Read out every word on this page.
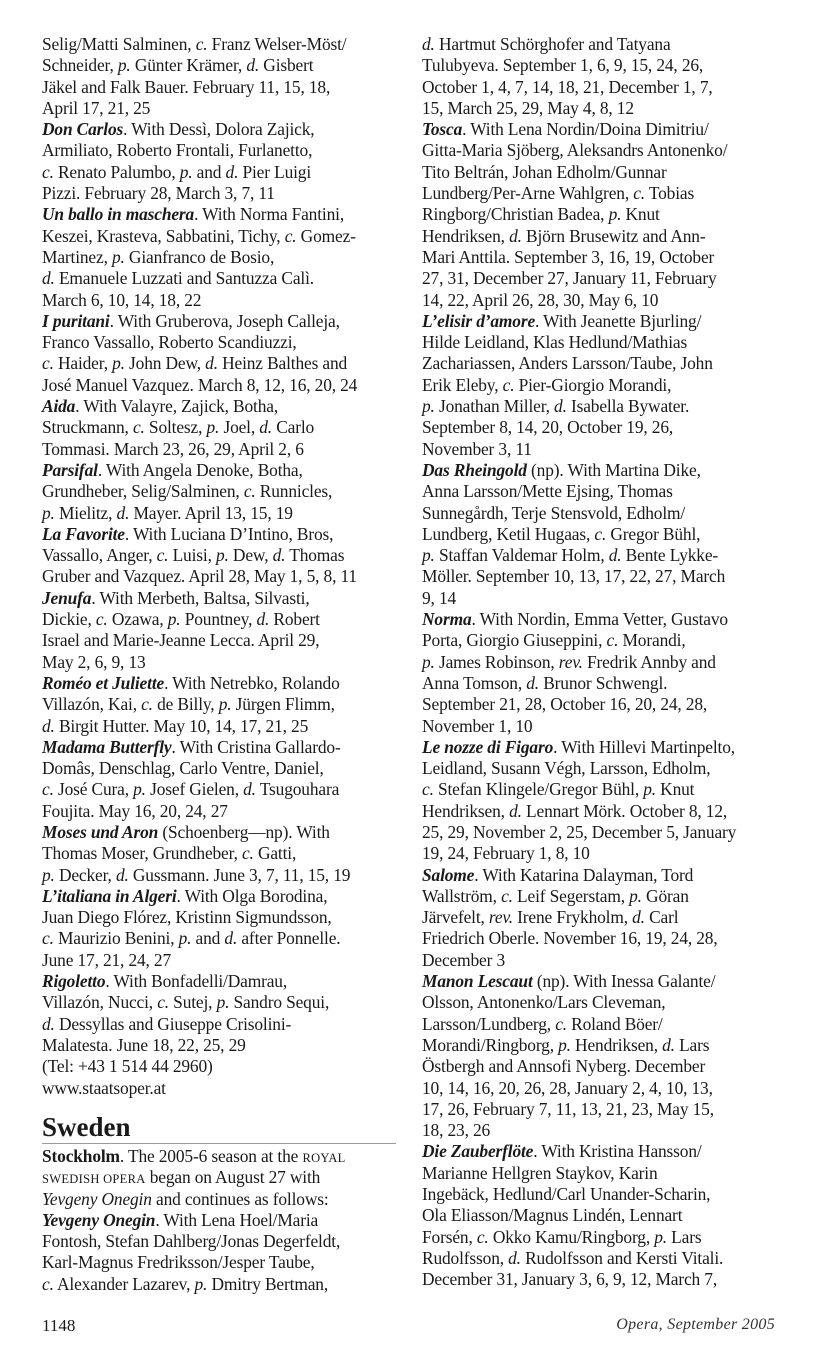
Selig/Matti Salminen, c. Franz Welser-Möst/
Schneider, p. Günter Krämer, d. Gisbert
Jäkel and Falk Bauer. February 11, 15, 18,
April 17, 21, 25
Don Carlos. With Dessì, Dolora Zajick,
Armiliato, Roberto Frontali, Furlanetto,
c. Renato Palumbo, p. and d. Pier Luigi
Pizzi. February 28, March 3, 7, 11
Un ballo in maschera. With Norma Fantini,
Keszei, Krasteva, Sabbatini, Tichy, c. Gomez-
Martinez, p. Gianfranco de Bosio,
d. Emanuele Luzzati and Santuzza Calì.
March 6, 10, 14, 18, 22
I puritani. With Gruberova, Joseph Calleja,
Franco Vassallo, Roberto Scandiuzzi,
c. Haider, p. John Dew, d. Heinz Balthes and
José Manuel Vazquez. March 8, 12, 16, 20, 24
Aida. With Valayre, Zajick, Botha,
Struckmann, c. Soltesz, p. Joel, d. Carlo
Tommasi. March 23, 26, 29, April 2, 6
Parsifal. With Angela Denoke, Botha,
Grundheber, Selig/Salminen, c. Runnicles,
p. Mielitz, d. Mayer. April 13, 15, 19
La Favorite. With Luciana D’Intino, Bros,
Vassallo, Anger, c. Luisi, p. Dew, d. Thomas
Gruber and Vazquez. April 28, May 1, 5, 8, 11
Jenufa. With Merbeth, Baltsa, Silvasti,
Dickie, c. Ozawa, p. Pountney, d. Robert
Israel and Marie-Jeanne Lecca. April 29,
May 2, 6, 9, 13
Roméo et Juliette. With Netrebko, Rolando
Villazón, Kai, c. de Billy, p. Jürgen Flimm,
d. Birgit Hutter. May 10, 14, 17, 21, 25
Madama Butterfly. With Cristina Gallardo-
Domâs, Denschlag, Carlo Ventre, Daniel,
c. José Cura, p. Josef Gielen, d. Tsugouhara
Foujita. May 16, 20, 24, 27
Moses und Aron (Schoenberg—np). With
Thomas Moser, Grundheber, c. Gatti,
p. Decker, d. Gussmann. June 3, 7, 11, 15, 19
L’italiana in Algeri. With Olga Borodina,
Juan Diego Flórez, Kristinn Sigmundsson,
c. Maurizio Benini, p. and d. after Ponnelle.
June 17, 21, 24, 27
Rigoletto. With Bonfadelli/Damrau,
Villazón, Nucci, c. Sutej, p. Sandro Sequi,
d. Dessyllas and Giuseppe Crisolini-
Malatesta. June 18, 22, 25, 29
(Tel: +43 1 514 44 2960)
www.staatsoper.at
Sweden
Stockholm. The 2005-6 season at the ROYAL
SWEDISH OPERA began on August 27 with
Yevgeny Onegin and continues as follows:
Yevgeny Onegin. With Lena Hoel/Maria
Fontosh, Stefan Dahlberg/Jonas Degerfeldt,
Karl-Magnus Fredriksson/Jesper Taube,
c. Alexander Lazarev, p. Dmitry Bertman,
d. Hartmut Schörghofer and Tatyana
Tulubyeva. September 1, 6, 9, 15, 24, 26,
October 1, 4, 7, 14, 18, 21, December 1, 7,
15, March 25, 29, May 4, 8, 12
Tosca. With Lena Nordin/Doina Dimitriu/
Gitta-Maria Sjöberg, Aleksandrs Antonenko/
Tito Beltrán, Johan Edholm/Gunnar
Lundberg/Per-Arne Wahlgren, c. Tobias
Ringborg/Christian Badea, p. Knut
Hendriksen, d. Björn Brusewitz and Ann-
Mari Anttila. September 3, 16, 19, October
27, 31, December 27, January 11, February
14, 22, April 26, 28, 30, May 6, 10
L’elisir d’amore. With Jeanette Bjurling/
Hilde Leidland, Klas Hedlund/Mathias
Zachariassen, Anders Larsson/Taube, John
Erik Eleby, c. Pier-Giorgio Morandi,
p. Jonathan Miller, d. Isabella Bywater.
September 8, 14, 20, October 19, 26,
November 3, 11
Das Rheingold (np). With Martina Dike,
Anna Larsson/Mette Ejsing, Thomas
Sunnegårdh, Terje Stensvold, Edholm/
Lundberg, Ketil Hugaas, c. Gregor Bühl,
p. Staffan Valdemar Holm, d. Bente Lykke-
Möller. September 10, 13, 17, 22, 27, March
9, 14
Norma. With Nordin, Emma Vetter, Gustavo
Porta, Giorgio Giuseppini, c. Morandi,
p. James Robinson, rev. Fredrik Annby and
Anna Tomson, d. Brunor Schwengl.
September 21, 28, October 16, 20, 24, 28,
November 1, 10
Le nozze di Figaro. With Hillevi Martinpelto,
Leidland, Susann Végh, Larsson, Edholm,
c. Stefan Klingele/Gregor Bühl, p. Knut
Hendriksen, d. Lennart Mörk. October 8, 12,
25, 29, November 2, 25, December 5, January
19, 24, February 1, 8, 10
Salome. With Katarina Dalayman, Tord
Wallström, c. Leif Segerstam, p. Göran
Järvefelt, rev. Irene Frykholm, d. Carl
Friedrich Oberle. November 16, 19, 24, 28,
December 3
Manon Lescaut (np). With Inessa Galante/
Olsson, Antonenko/Lars Cleveman,
Larsson/Lundberg, c. Roland Böer/
Morandi/Ringborg, p. Hendriksen, d. Lars
Östbergh and Annsofi Nyberg. December
10, 14, 16, 20, 26, 28, January 2, 4, 10, 13,
17, 26, February 7, 11, 13, 21, 23, May 15,
18, 23, 26
Die Zauberflöte. With Kristina Hansson/
Marianne Hellgren Staykov, Karin
Ingebäck, Hedlund/Carl Unander-Scharin,
Ola Eliasson/Magnus Lindén, Lennart
Forsén, c. Okko Kamu/Ringborg, p. Lars
Rudolfsson, d. Rudolfsson and Kersti Vitali.
December 31, January 3, 6, 9, 12, March 7,
1148	Opera, September 2005
